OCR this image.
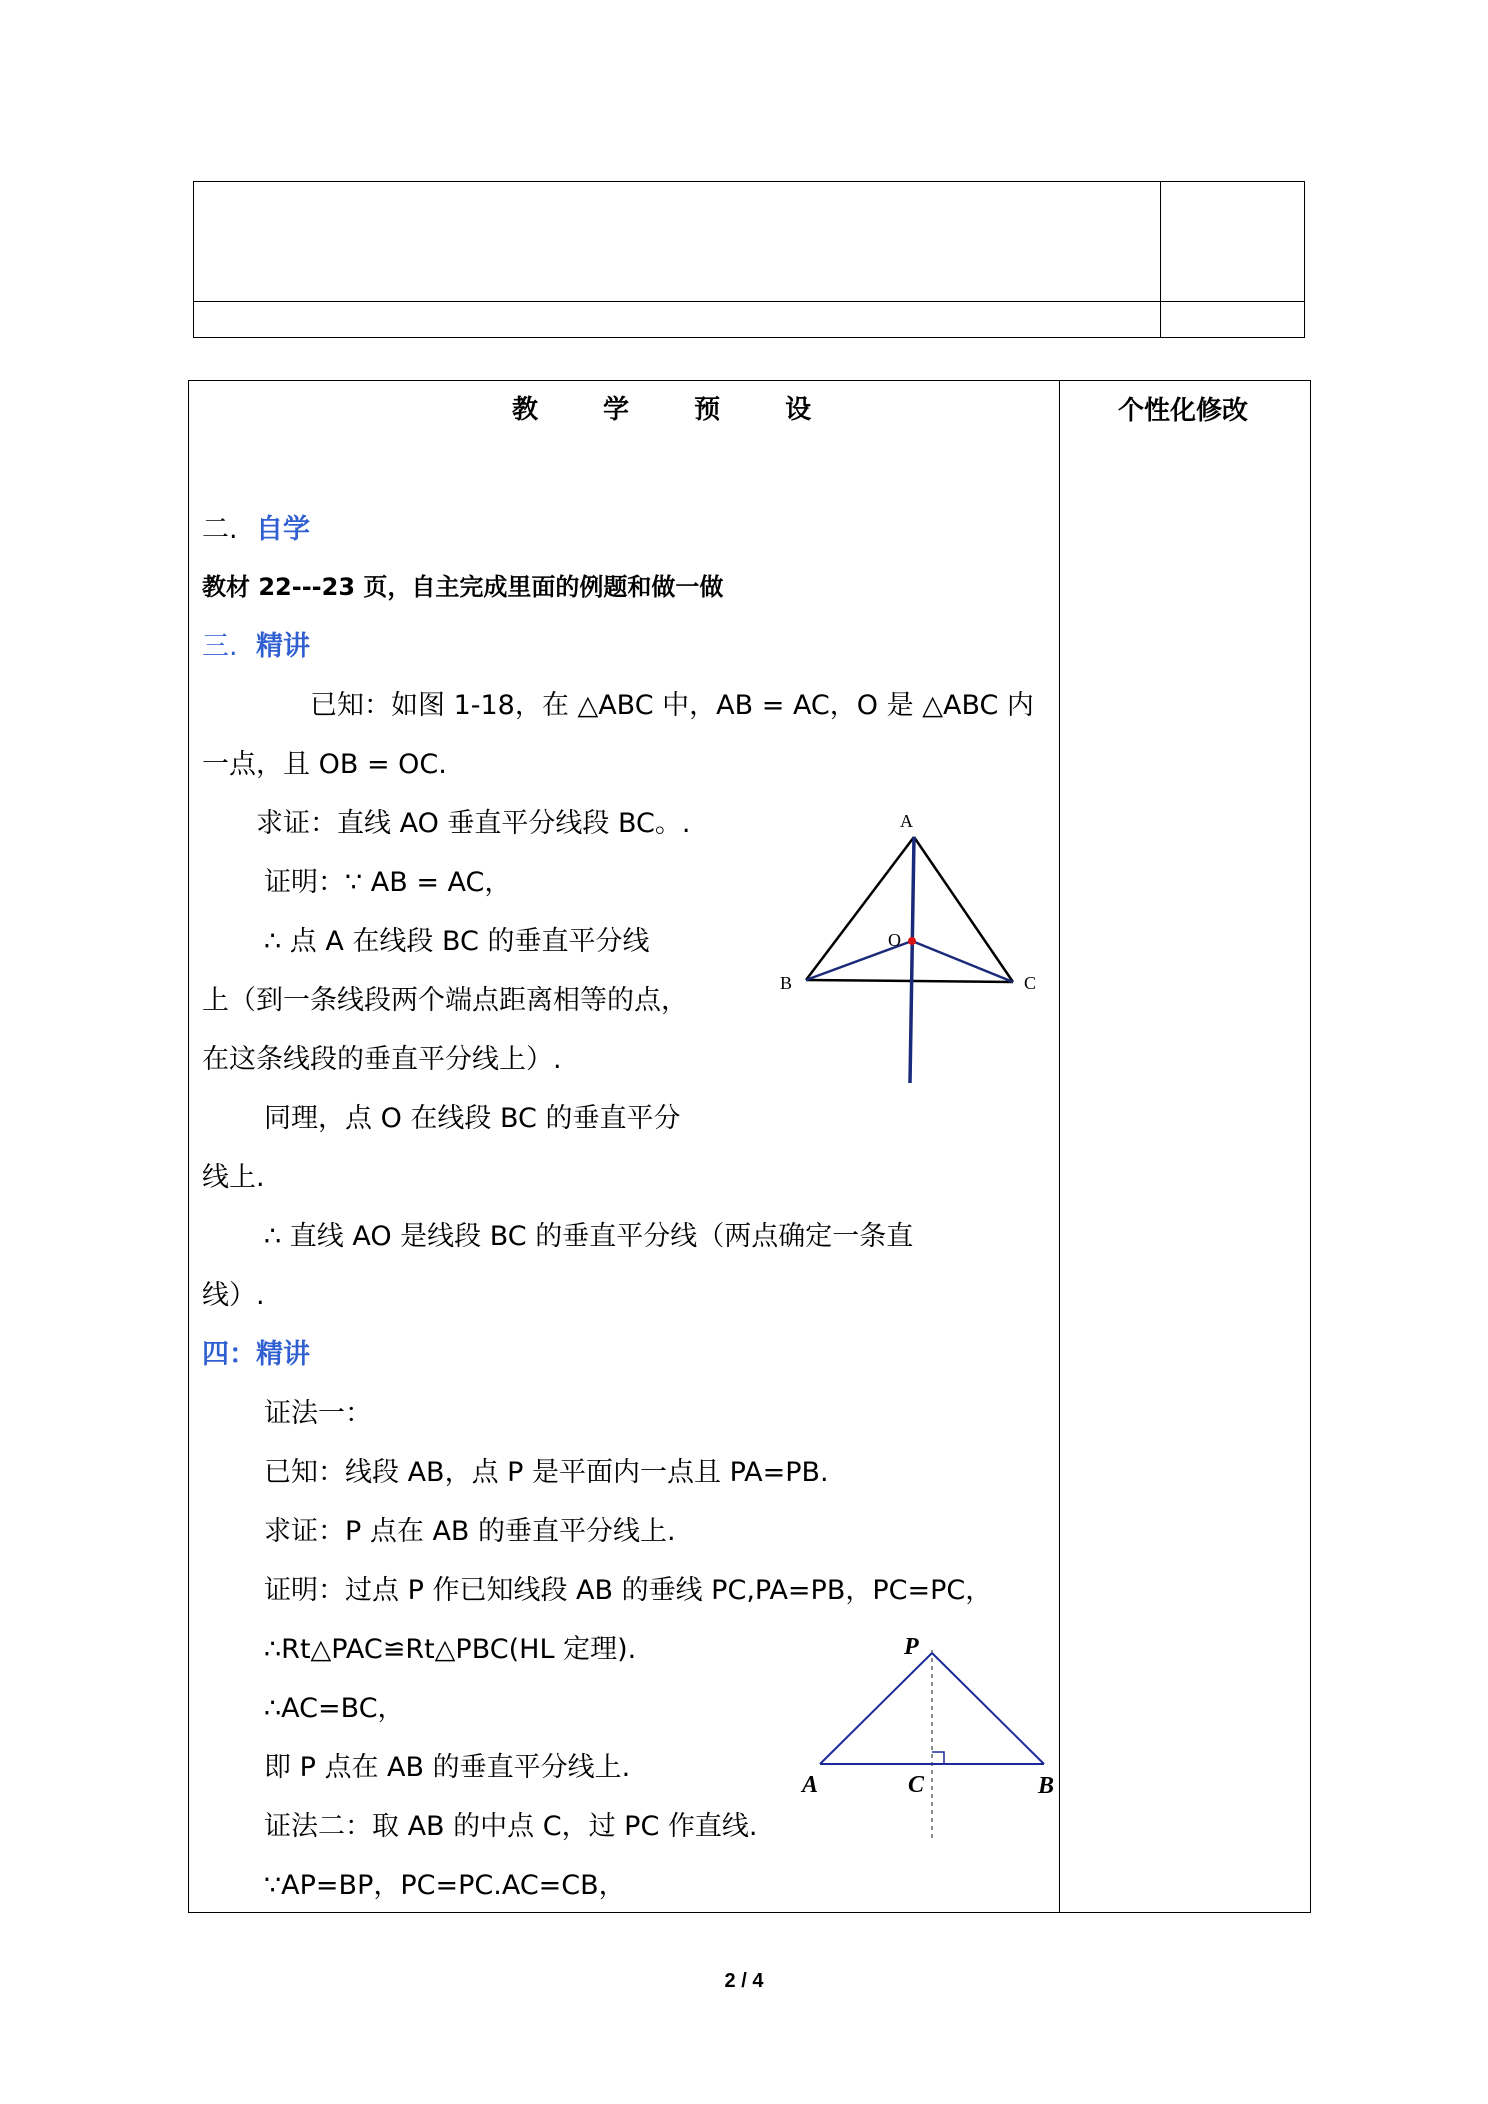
教 学 预 设	个性化修改
二. 自学
教材 22---23 页，自主完成里面的例题和做一做
三. 精讲
已知：如图 1-18，在 △ABC 中，AB = AC，O 是 △ABC 内
一点，且 OB = OC.
求证：直线 AO 垂直平分线段 BC。.
证明：∵ AB = AC，
∴ 点 A 在线段 BC 的垂直平分线
上（到一条线段两个端点距离相等的点，
在这条线段的垂直平分线上）.
同理，点 O 在线段 BC 的垂直平分
线上.
∴ 直线 AO 是线段 BC 的垂直平分线（两点确定一条直
线）.
四：精讲
证法一：
已知：线段 AB，点 P 是平面内一点且 PA=PB.
求证：P 点在 AB 的垂直平分线上.
证明：过点 P 作已知线段 AB 的垂线 PC,PA=PB，PC=PC，
∴Rt△PAC≌Rt△PBC(HL 定理).
∴AC=BC，
即 P 点在 AB 的垂直平分线上.
证法二：取 AB 的中点 C，过 PC 作直线.
∵AP=BP，PC=PC.AC=CB，
A
B	C
O
P
A	C	B
2 / 4
